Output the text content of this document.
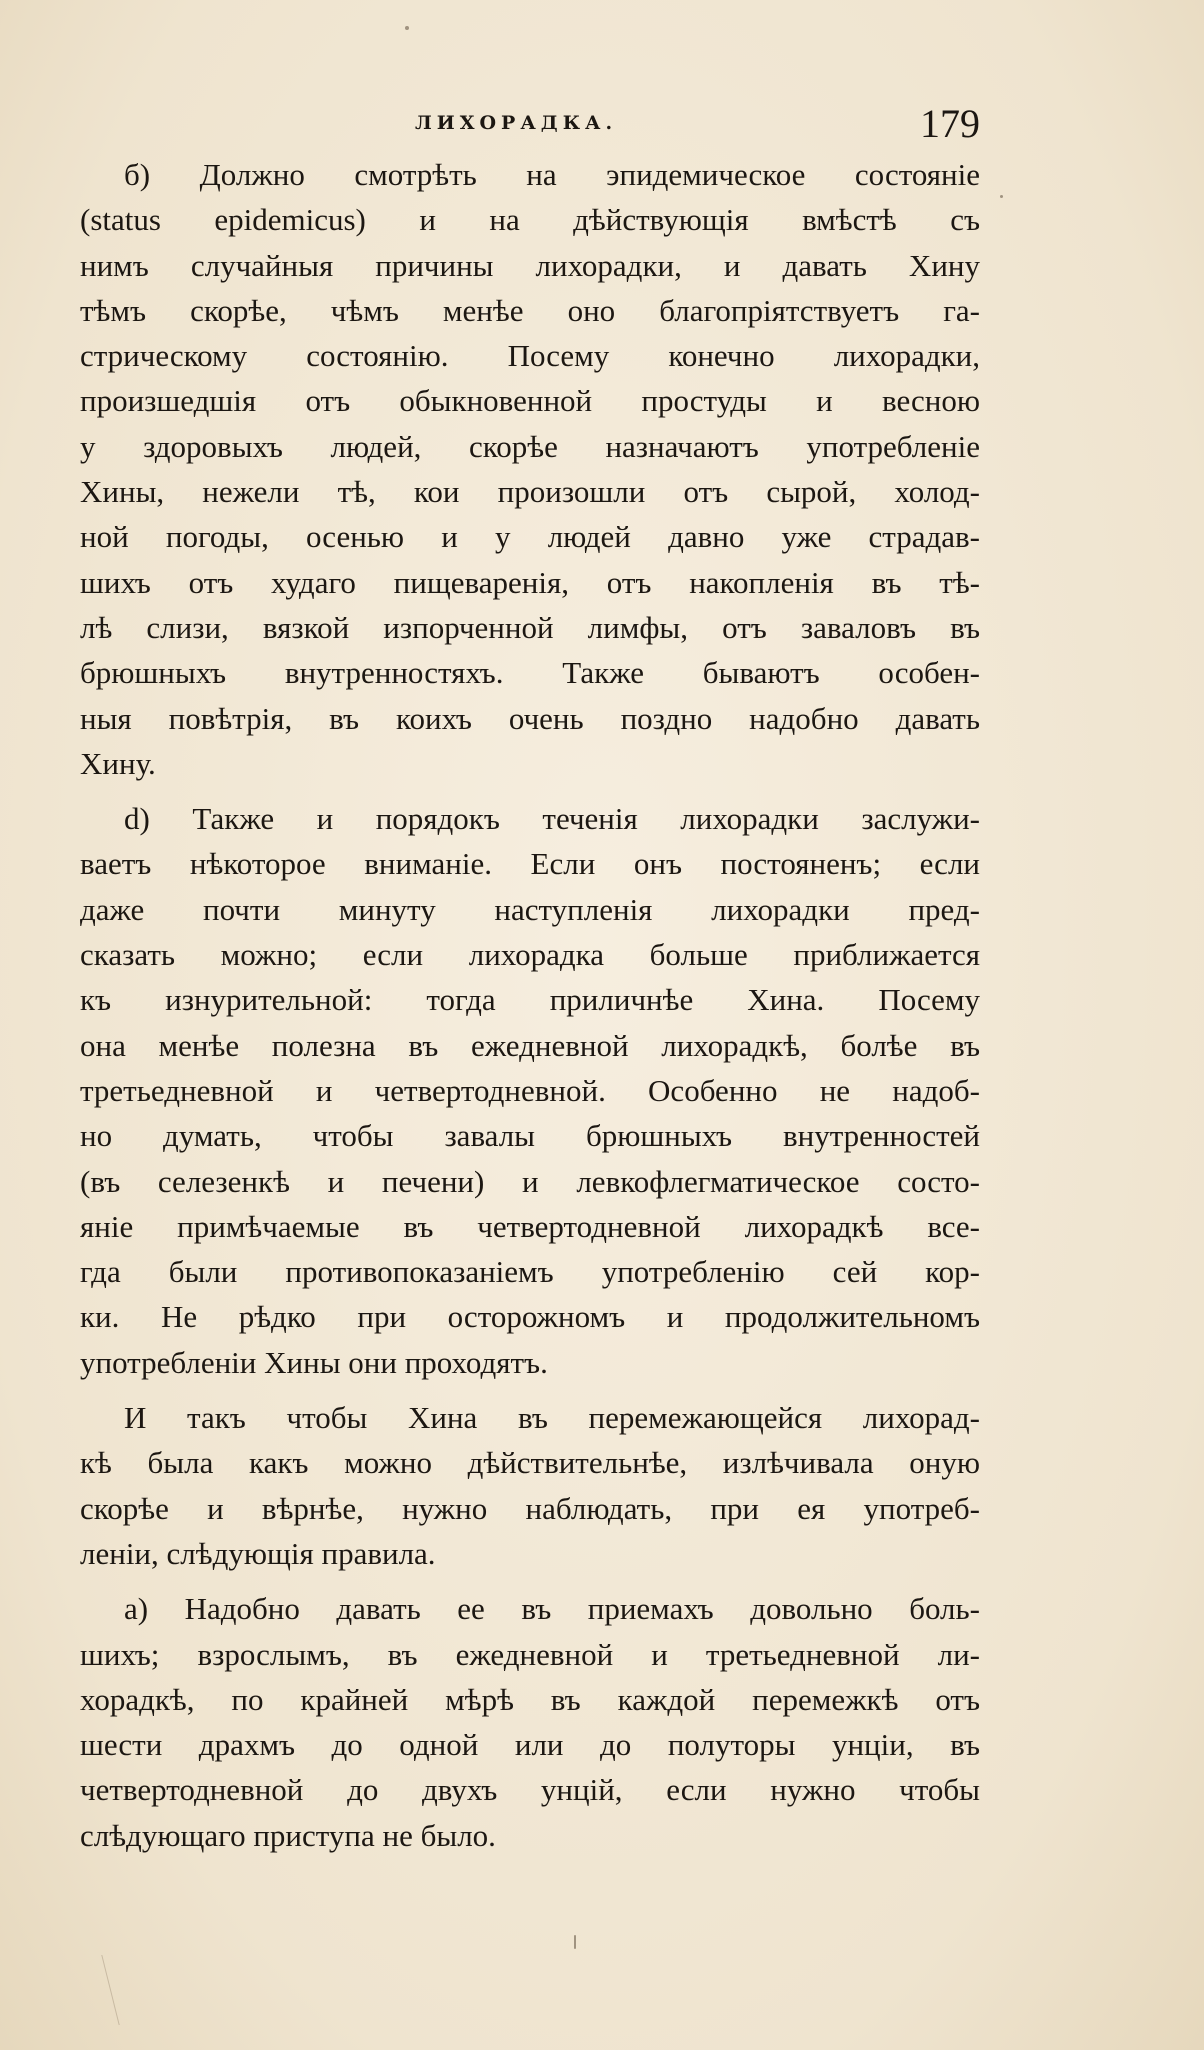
ЛИХОРАДКА.	179
б) Должно смотрѣть на эпидемическое состояніе
(status epidemicus) и на дѣйствующія вмѣстѣ съ
нимъ случайныя причины лихорадки, и давать Хину
тѣмъ скорѣе, чѣмъ менѣе оно благопріятствуетъ га-
стрическому состоянію. Посему конечно лихорадки,
произшедшія отъ обыкновенной простуды и весною
у здоровыхъ людей, скорѣе назначаютъ употребленіе
Хины, нежели тѣ, кои произошли отъ сырой, холод-
ной погоды, осенью и у людей давно уже страдав-
шихъ отъ худаго пищеваренія, отъ накопленія въ тѣ-
лѣ слизи, вязкой изпорченной лимфы, отъ заваловъ въ
брюшныхъ внутренностяхъ. Также бываютъ особен-
ныя повѣтрія, въ коихъ очень поздно надобно давать
Хину.
d) Также и порядокъ теченія лихорадки заслужи-
ваетъ нѣкоторое вниманіе. Если онъ постояненъ; если
даже почти минуту наступленія лихорадки пред-
сказать можно; если лихорадка больше приближается
къ изнурительной: тогда приличнѣе Хина. Посему
она менѣе полезна въ ежедневной лихорадкѣ, болѣе въ
третьедневной и четвертодневной. Особенно не надоб-
но думать, чтобы завалы брюшныхъ внутренностей
(въ селезенкѣ и печени) и левкофлегматическое состо-
яніе примѣчаемые въ четвертодневной лихорадкѣ все-
гда были противопоказаніемъ употребленію сей кор-
ки. Не рѣдко при осторожномъ и продолжительномъ
употребленіи Хины они проходятъ.
И такъ чтобы Хина въ перемежающейся лихорад-
кѣ была какъ можно дѣйствительнѣе, излѣчивала оную
скорѣе и вѣрнѣе, нужно наблюдать, при ея употреб-
леніи, слѣдующія правила.
а) Надобно давать ее въ приемахъ довольно боль-
шихъ; взрослымъ, въ ежедневной и третьедневной ли-
хорадкѣ, по крайней мѣрѣ въ каждой перемежкѣ отъ
шести драхмъ до одной или до полуторы унціи, въ
четвертодневной до двухъ унцій, если нужно чтобы
слѣдующаго приступа не было.
